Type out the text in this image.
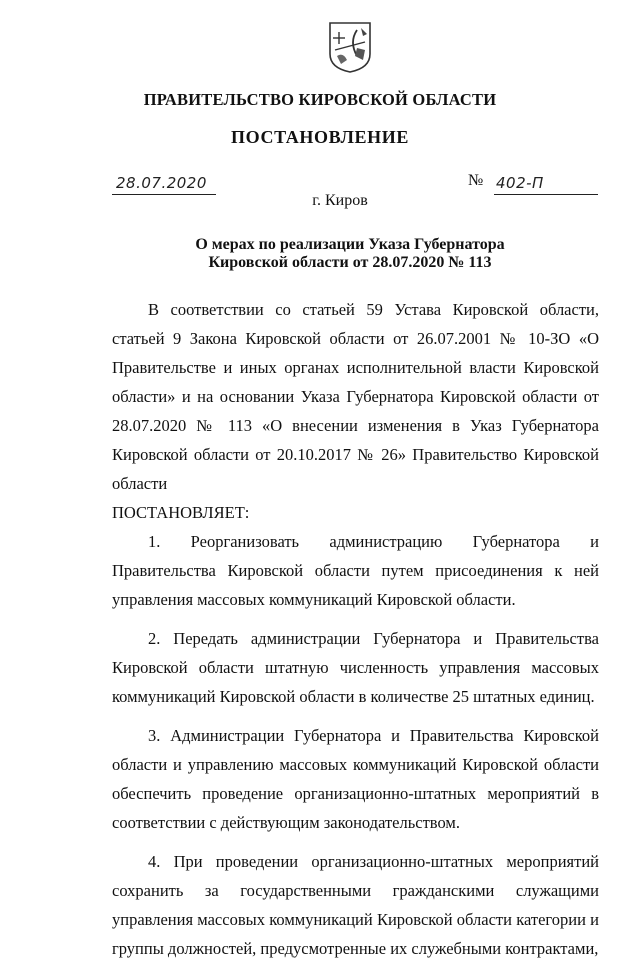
ПРАВИТЕЛЬСТВО КИРОВСКОЙ ОБЛАСТИ
ПОСТАНОВЛЕНИЕ
28.07.2020	№ 402-П
г. Киров
О мерах по реализации Указа Губернатора
Кировской области от 28.07.2020 № 113

В соответствии со статьей 59 Устава Кировской области, статьей 9 Закона Кировской области от 26.07.2001 № 10-ЗО «О Правительстве и иных органах исполнительной власти Кировской области» и на основании Указа Губернатора Кировской области от 28.07.2020 № 113 «О внесении изменения в Указ Губернатора Кировской области от 20.10.2017 № 26» Правительство Кировской области

ПОСТАНОВЛЯЕТ:

1. Реорганизовать администрацию Губернатора и Правительства Кировской области путем присоединения к ней управления массовых коммуникаций Кировской области.

2. Передать администрации Губернатора и Правительства Кировской области штатную численность управления массовых коммуникаций Кировской области в количестве 25 штатных единиц.

3. Администрации Губернатора и Правительства Кировской области и управлению массовых коммуникаций Кировской области обеспечить проведение организационно-штатных мероприятий в соответствии с действующим законодательством.

4. При проведении организационно-штатных мероприятий сохранить за государственными гражданскими служащими управления массовых коммуникаций Кировской области категории и группы должностей, предусмотренные их служебными контрактами,
